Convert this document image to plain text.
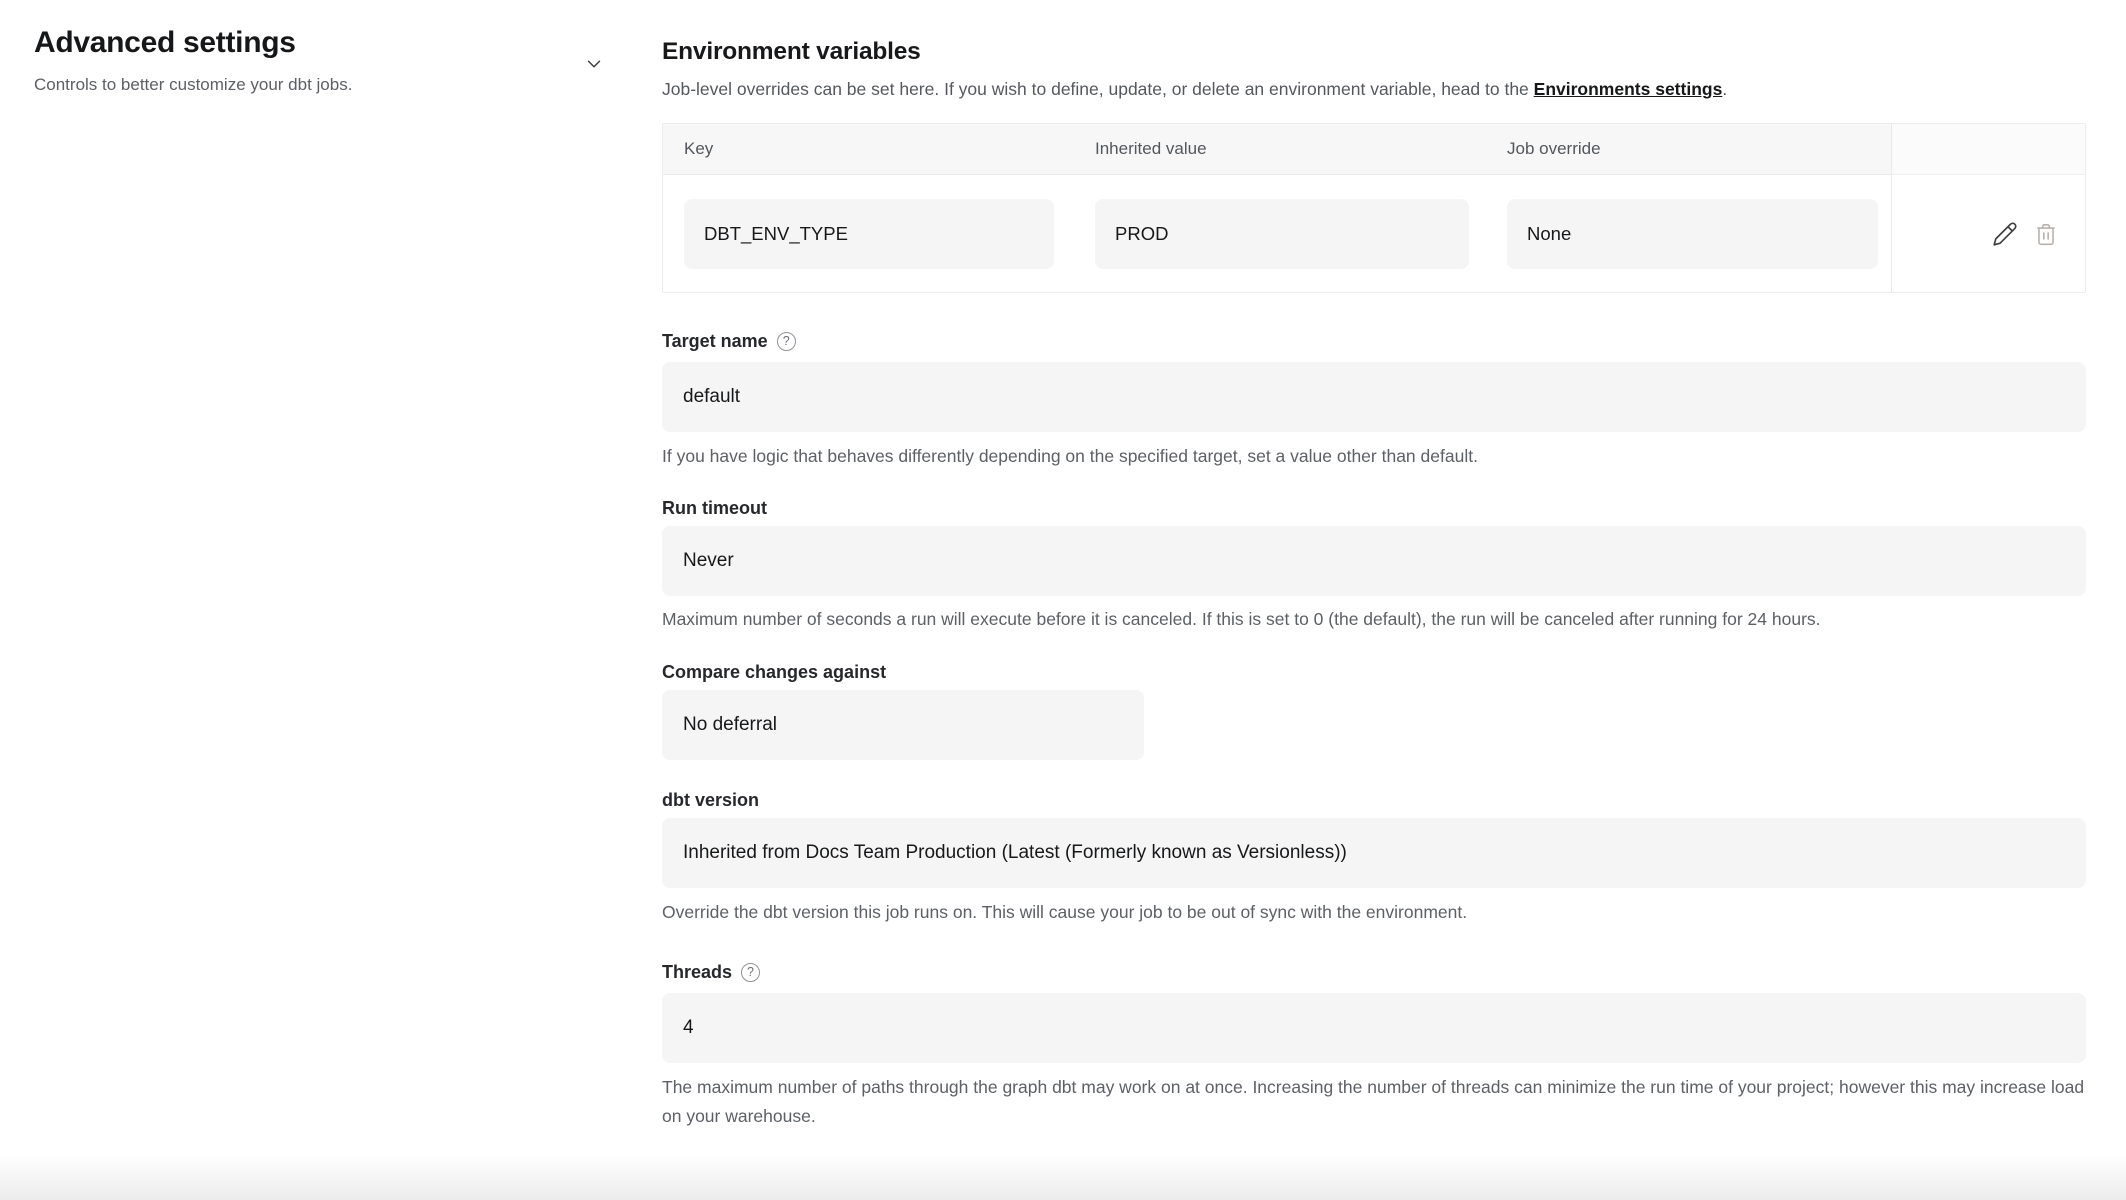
Advanced settings

Controls to better customize your dbt jobs.

Environment variables

Job-level overrides can be set here. If you wish to define, update, or delete an environment variable, head to the Environments settings.

Key	Inherited value	Job override
DBT_ENV_TYPE	PROD	None
Target name	?
default

If you have logic that behaves differently depending on the specified target, set a value other than default.

Run timeout
Never

Maximum number of seconds a run will execute before it is canceled. If this is set to 0 (the default), the run will be canceled after running for 24 hours.

Compare changes against
No deferral
dbt version
Inherited from Docs Team Production (Latest (Formerly known as Versionless))

Override the dbt version this job runs on. This will cause your job to be out of sync with the environment.

Threads	?
4

The maximum number of paths through the graph dbt may work on at once. Increasing the number of threads can minimize the run time of your project; however this may increase load on your warehouse.
